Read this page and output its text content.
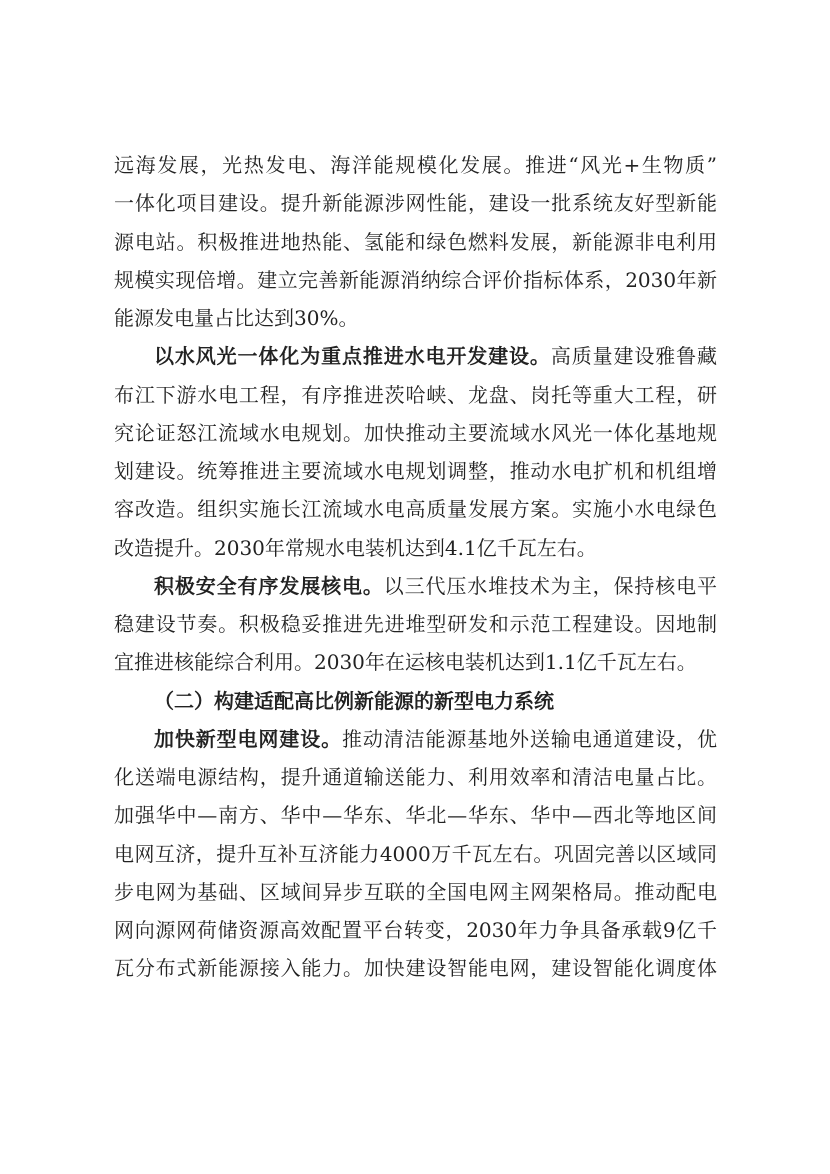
远海发展，光热发电、海洋能规模化发展。推进“风光+生物质”
一体化项目建设。提升新能源涉网性能，建设一批系统友好型新能
源电站。积极推进地热能、氢能和绿色燃料发展，新能源非电利用
规模实现倍增。建立完善新能源消纳综合评价指标体系，2030年新
能源发电量占比达到30%。
以水风光一体化为重点推进水电开发建设。高质量建设雅鲁藏
布江下游水电工程，有序推进茨哈峡、龙盘、岗托等重大工程，研
究论证怒江流域水电规划。加快推动主要流域水风光一体化基地规
划建设。统筹推进主要流域水电规划调整，推动水电扩机和机组增
容改造。组织实施长江流域水电高质量发展方案。实施小水电绿色
改造提升。2030年常规水电装机达到4.1亿千瓦左右。
积极安全有序发展核电。以三代压水堆技术为主，保持核电平
稳建设节奏。积极稳妥推进先进堆型研发和示范工程建设。因地制
宜推进核能综合利用。2030年在运核电装机达到1.1亿千瓦左右。
（二）构建适配高比例新能源的新型电力系统
加快新型电网建设。推动清洁能源基地外送输电通道建设，优
化送端电源结构，提升通道输送能力、利用效率和清洁电量占比。
加强华中—南方、华中—华东、华北—华东、华中—西北等地区间
电网互济，提升互补互济能力4000万千瓦左右。巩固完善以区域同
步电网为基础、区域间异步互联的全国电网主网架格局。推动配电
网向源网荷储资源高效配置平台转变，2030年力争具备承载9亿千
瓦分布式新能源接入能力。加快建设智能电网，建设智能化调度体
